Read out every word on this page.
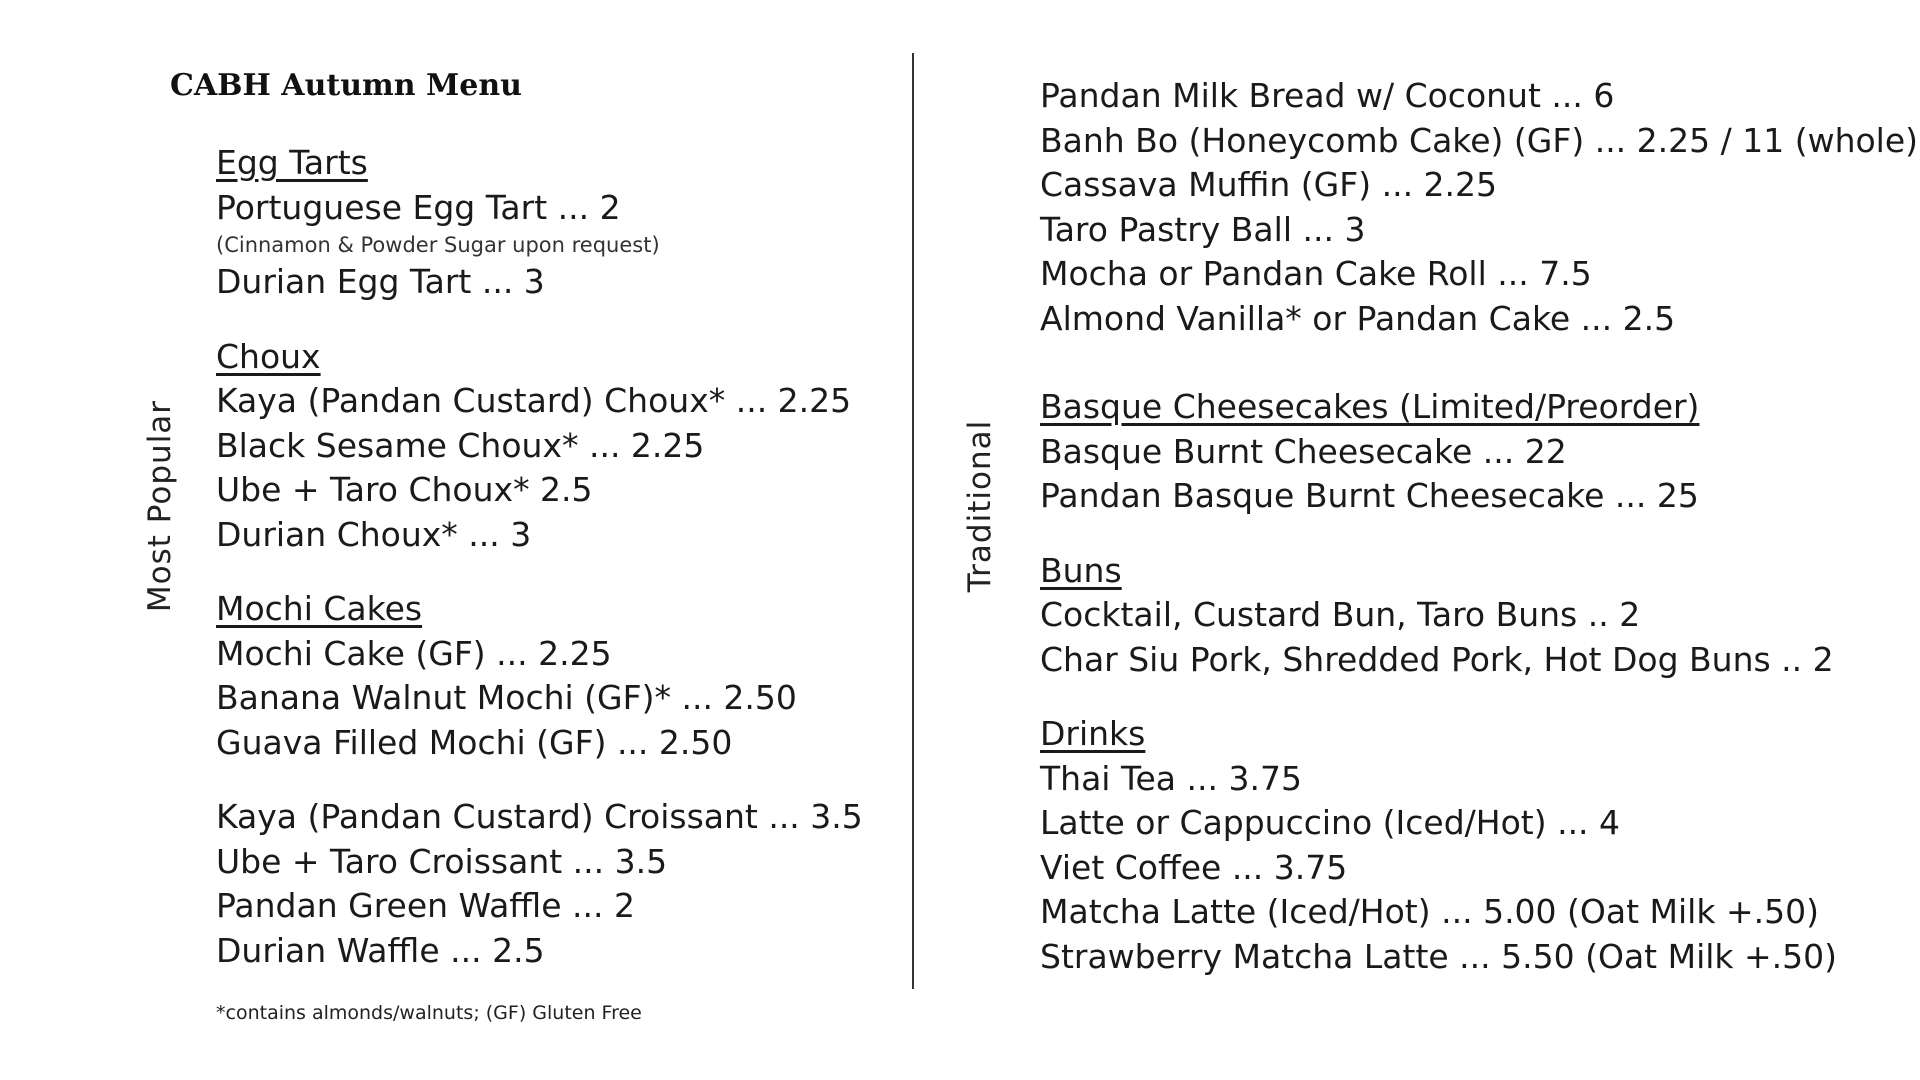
CABH Autumn Menu
Most Popular	Traditional
Egg Tarts
Portuguese Egg Tart ... 2
(Cinnamon & Powder Sugar upon request)
Durian Egg Tart ... 3
Choux
Kaya (Pandan Custard) Choux* ... 2.25
Black Sesame Choux* ... 2.25
Ube + Taro Choux* 2.5
Durian Choux* ... 3
Mochi Cakes
Mochi Cake (GF) ... 2.25
Banana Walnut Mochi (GF)* ... 2.50
Guava Filled Mochi (GF) ... 2.50
Kaya (Pandan Custard) Croissant ... 3.5
Ube + Taro Croissant ... 3.5
Pandan Green Waffle ... 2
Durian Waffle ... 2.5
Pandan Milk Bread w/ Coconut ... 6
Banh Bo (Honeycomb Cake) (GF) ... 2.25 / 11 (whole)
Cassava Muffin (GF) ... 2.25
Taro Pastry Ball ... 3
Mocha or Pandan Cake Roll ... 7.5
Almond Vanilla* or Pandan Cake ... 2.5
Basque Cheesecakes (Limited/Preorder)
Basque Burnt Cheesecake ... 22
Pandan Basque Burnt Cheesecake ... 25
Buns
Cocktail, Custard Bun, Taro Buns .. 2
Char Siu Pork, Shredded Pork, Hot Dog Buns .. 2
Drinks
Thai Tea ... 3.75
Latte or Cappuccino (Iced/Hot) ... 4
Viet Coffee ... 3.75
Matcha Latte (Iced/Hot) ... 5.00 (Oat Milk +.50)
Strawberry Matcha Latte ... 5.50 (Oat Milk +.50)
*contains almonds/walnuts; (GF) Gluten Free
